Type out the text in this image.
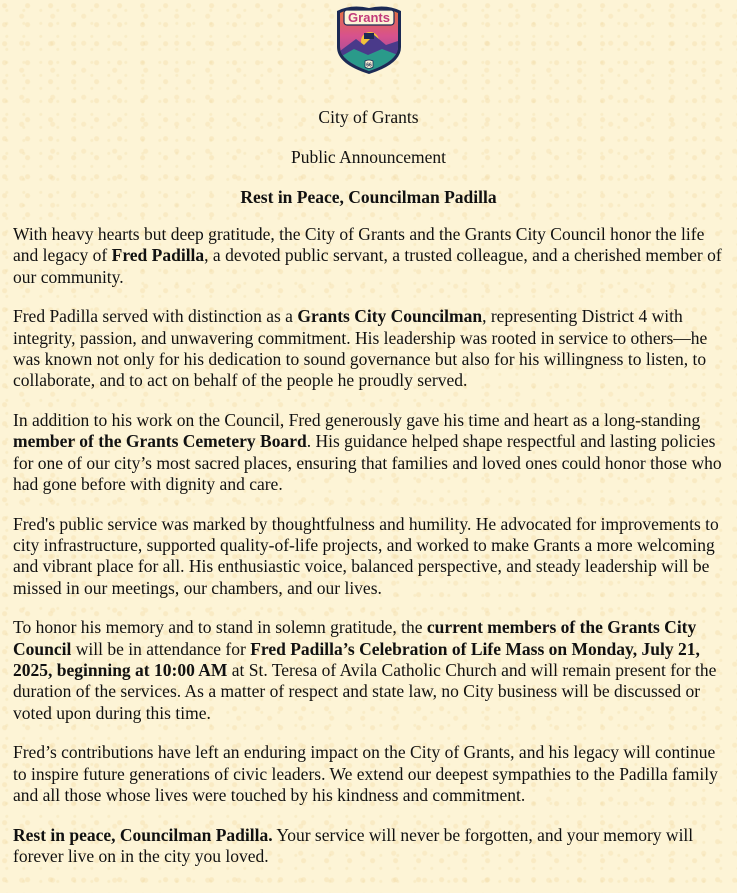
Grants
66

City of Grants

Public Announcement

Rest in Peace, Councilman Padilla

With heavy hearts but deep gratitude, the City of Grants and the Grants City Council honor the life and legacy of Fred Padilla, a devoted public servant, a trusted colleague, and a cherished member of our community.

Fred Padilla served with distinction as a Grants City Councilman, representing District 4 with integrity, passion, and unwavering commitment. His leadership was rooted in service to others—he was known not only for his dedication to sound governance but also for his willingness to listen, to collaborate, and to act on behalf of the people he proudly served.

In addition to his work on the Council, Fred generously gave his time and heart as a long-standing member of the Grants Cemetery Board. His guidance helped shape respectful and lasting policies for one of our city’s most sacred places, ensuring that families and loved ones could honor those who had gone before with dignity and care.

Fred's public service was marked by thoughtfulness and humility. He advocated for improvements to city infrastructure, supported quality-of-life projects, and worked to make Grants a more welcoming and vibrant place for all. His enthusiastic voice, balanced perspective, and steady leadership will be missed in our meetings, our chambers, and our lives.

To honor his memory and to stand in solemn gratitude, the current members of the Grants City Council will be in attendance for Fred Padilla’s Celebration of Life Mass on Monday, July 21, 2025, beginning at 10:00 AM at St. Teresa of Avila Catholic Church and will remain present for the duration of the services. As a matter of respect and state law, no City business will be discussed or voted upon during this time.

Fred’s contributions have left an enduring impact on the City of Grants, and his legacy will continue to inspire future generations of civic leaders. We extend our deepest sympathies to the Padilla family and all those whose lives were touched by his kindness and commitment.

Rest in peace, Councilman Padilla. Your service will never be forgotten, and your memory will forever live on in the city you loved.
